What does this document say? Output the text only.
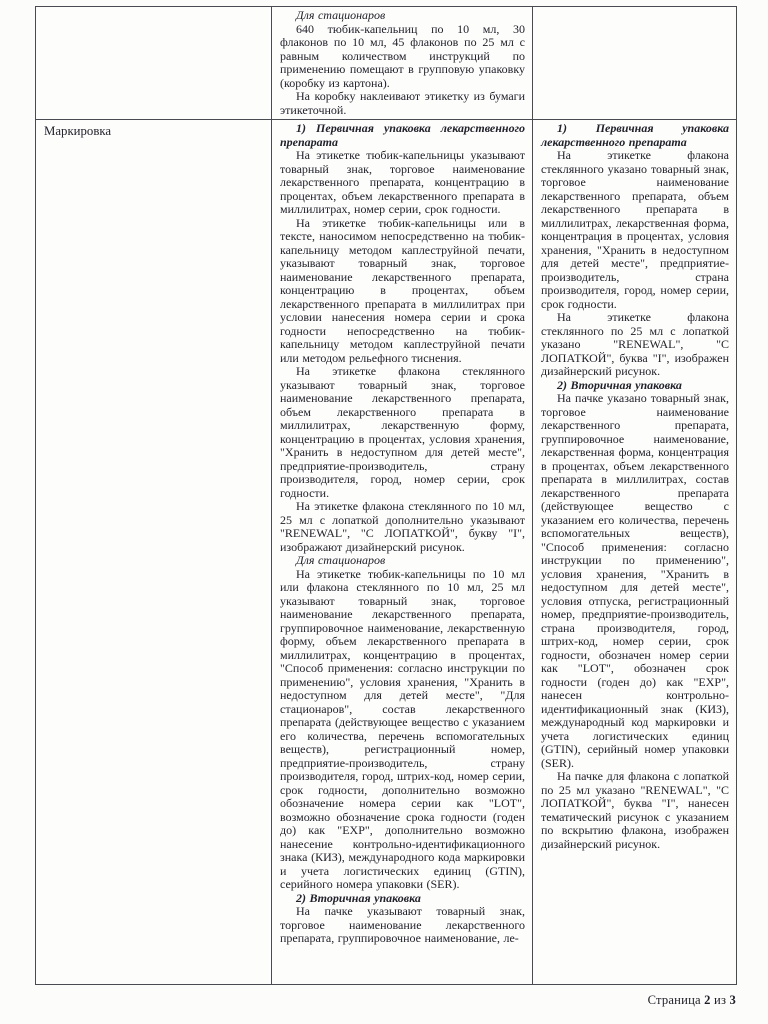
Для стационаров

640 тюбик-капельниц по 10 мл, 30 флаконов по 10 мл, 45 флаконов по 25 мл с равным количеством инструкций по применению помещают в групповую упаковку (коробку из картона).

На коробку наклеивают этикетку из бумаги этикеточной.

Маркировка	1) Первичная упаковка лекарственного препарата

На этикетке тюбик-капельницы указывают товарный знак, торговое наименование лекарственного препарата, концентрацию в процентах, объем лекарственного препарата в миллилитрах, номер серии, срок годности.

На этикетке тюбик-капельницы или в тексте, наносимом непосредственно на тюбик-капельницу методом каплеструйной печати, указывают товарный знак, торговое наименование лекарственного препарата, концентрацию в процентах, объем лекарственного препарата в миллилитрах при условии нанесения номера серии и срока годности непосредственно на тюбик-капельницу методом каплеструйной печати или методом рельефного тиснения.

На этикетке флакона стеклянного указывают товарный знак, торговое наименование лекарственного препарата, объем лекарственного препарата в миллилитрах, лекарственную форму, концентрацию в процентах, условия хранения, "Хранить в недоступном для детей месте", предприятие-производитель, страну производителя, город, номер серии, срок годности.

На этикетке флакона стеклянного по 10 мл, 25 мл с лопаткой дополнительно указывают "RENEWAL", "С ЛОПАТКОЙ", букву "I", изображают дизайнерский рисунок.

Для стационаров

На этикетке тюбик-капельницы по 10 мл или флакона стеклянного по 10 мл, 25 мл указывают товарный знак, торговое наименование лекарственного препарата, группировочное наименование, лекарственную форму, объем лекарственного препарата в миллилитрах, концентрацию в процентах, "Способ применения: согласно инструкции по применению", условия хранения, "Хранить в недоступном для детей месте", "Для стационаров", состав лекарственного препарата (действующее вещество с указанием его количества, перечень вспомогательных веществ), регистрационный номер, предприятие-производитель, страну производителя, город, штрих-код, номер серии, срок годности, дополнительно возможно обозначение номера серии как "LOT", возможно обозначение срока годности (годен до) как "EXP", дополнительно возможно нанесение контрольно-идентификационного знака (КИЗ), международного кода маркировки и учета логистических единиц (GTIN), серийного номера упаковки (SER).

2) Вторичная упаковка

На пачке указывают товарный знак, торговое наименование лекарственного препарата, группировочное наименование, ле-

1) Первичная упаковка лекарственного препарата

На этикетке флакона стеклянного указано товарный знак, торговое наименование лекарственного препарата, объем лекарственного препарата в миллилитрах, лекарственная форма, концентрация в процентах, условия хранения, "Хранить в недоступном для детей месте", предприятие-производитель, страна производителя, город, номер серии, срок годности.

На этикетке флакона стеклянного по 25 мл с лопаткой указано "RENEWAL", "С ЛОПАТКОЙ", буква "I", изображен дизайнерский рисунок.

2) Вторичная упаковка

На пачке указано товарный знак, торговое наименование лекарственного препарата, группировочное наименование, лекарственная форма, концентрация в процентах, объем лекарственного препарата в миллилитрах, состав лекарственного препарата (действующее вещество с указанием его количества, перечень вспомогательных веществ), "Способ применения: согласно инструкции по применению", условия хранения, "Хранить в недоступном для детей месте", условия отпуска, регистрационный номер, предприятие-производитель, страна производителя, город, штрих-код, номер серии, срок годности, обозначен номер серии как "LOT", обозначен срок годности (годен до) как "EXP", нанесен контрольно-идентификационный знак (КИЗ), международный код маркировки и учета логистических единиц (GTIN), серийный номер упаковки (SER).

На пачке для флакона с лопаткой по 25 мл указано "RENEWAL", "С ЛОПАТКОЙ", буква "I", нанесен тематический рисунок с указанием по вскрытию флакона, изображен дизайнерский рисунок.

Страница 2 из 3
